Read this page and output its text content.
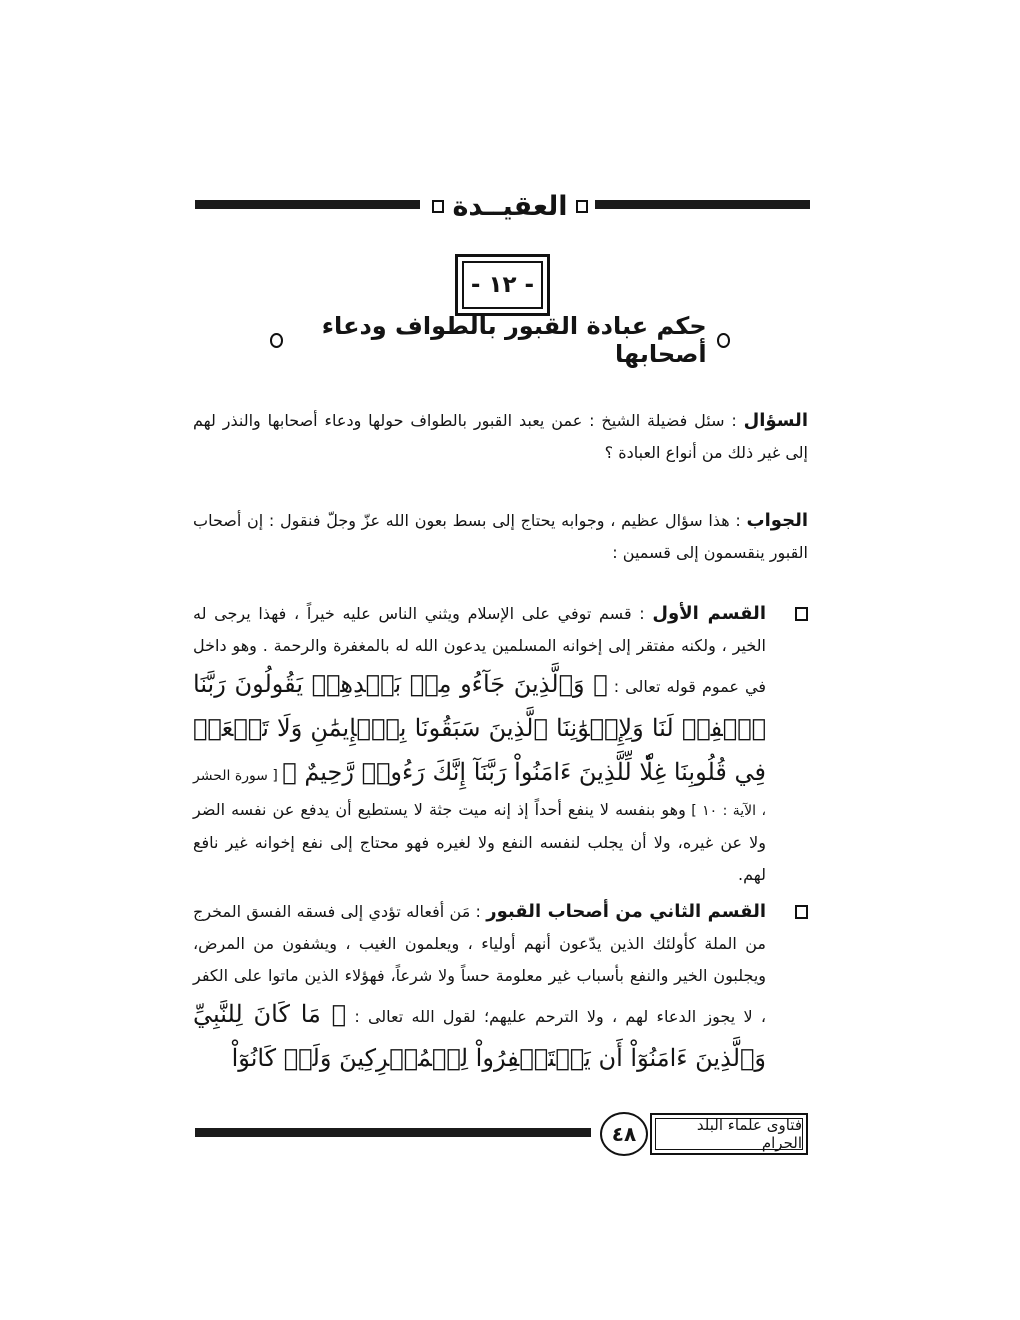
العقيــدة
- ١٢ -
حكم عبادة القبور بالطواف ودعاء أصحابها
السؤال : سئل فضيلة الشيخ : عمن يعبد القبور بالطواف حولها ودعاء أصحابها والنذر لهم إلى غير ذلك من أنواع العبادة ؟
الجواب : هذا سؤال عظيم ، وجوابه يحتاج إلى بسط بعون الله عزّ وجلّ فنقول : إن أصحاب القبور ينقسمون إلى قسمين :
القسم الأول : قسم توفي على الإسلام ويثني الناس عليه خيراً ، فهذا يرجى له الخير ، ولكنه مفتقر إلى إخوانه المسلمين يدعون الله له بالمغفرة والرحمة . وهو داخل في عموم قوله تعالى : ﴿ وَٱلَّذِينَ جَآءُو مِنۢ بَعۡدِهِمۡ يَقُولُونَ رَبَّنَا ٱغۡفِرۡ لَنَا وَلِإِخۡوَٰنِنَا ٱلَّذِينَ سَبَقُونَا بِٱلۡإِيمَٰنِ وَلَا تَجۡعَلۡ فِي قُلُوبِنَا غِلّٗا لِّلَّذِينَ ءَامَنُواْ رَبَّنَآ إِنَّكَ رَءُوفٞ رَّحِيمٌ ﴾ [ سورة الحشر ، الآية : ١٠ ] وهو بنفسه لا ينفع أحداً إذ إنه ميت جثة لا يستطيع أن يدفع عن نفسه الضر ولا عن غيره، ولا أن يجلب لنفسه النفع ولا لغيره فهو محتاج إلى نفع إخوانه غير نافع لهم.
القسم الثاني من أصحاب القبور : مَن أفعاله تؤدي إلى فسقه الفسق المخرج من الملة كأولئك الذين يدّعون أنهم أولياء ، ويعلمون الغيب ، ويشفون من المرض، ويجلبون الخير والنفع بأسباب غير معلومة حساً ولا شرعاً، فهؤلاء الذين ماتوا على الكفر ، لا يجوز الدعاء لهم ، ولا الترحم عليهم؛ لقول الله تعالى : ﴿ مَا كَانَ لِلنَّبِيِّ وَٱلَّذِينَ ءَامَنُوٓاْ أَن يَسۡتَغۡفِرُواْ لِلۡمُشۡرِكِينَ وَلَوۡ كَانُوٓاْ
٤٨	فتاوى علماء البلد الحرام
